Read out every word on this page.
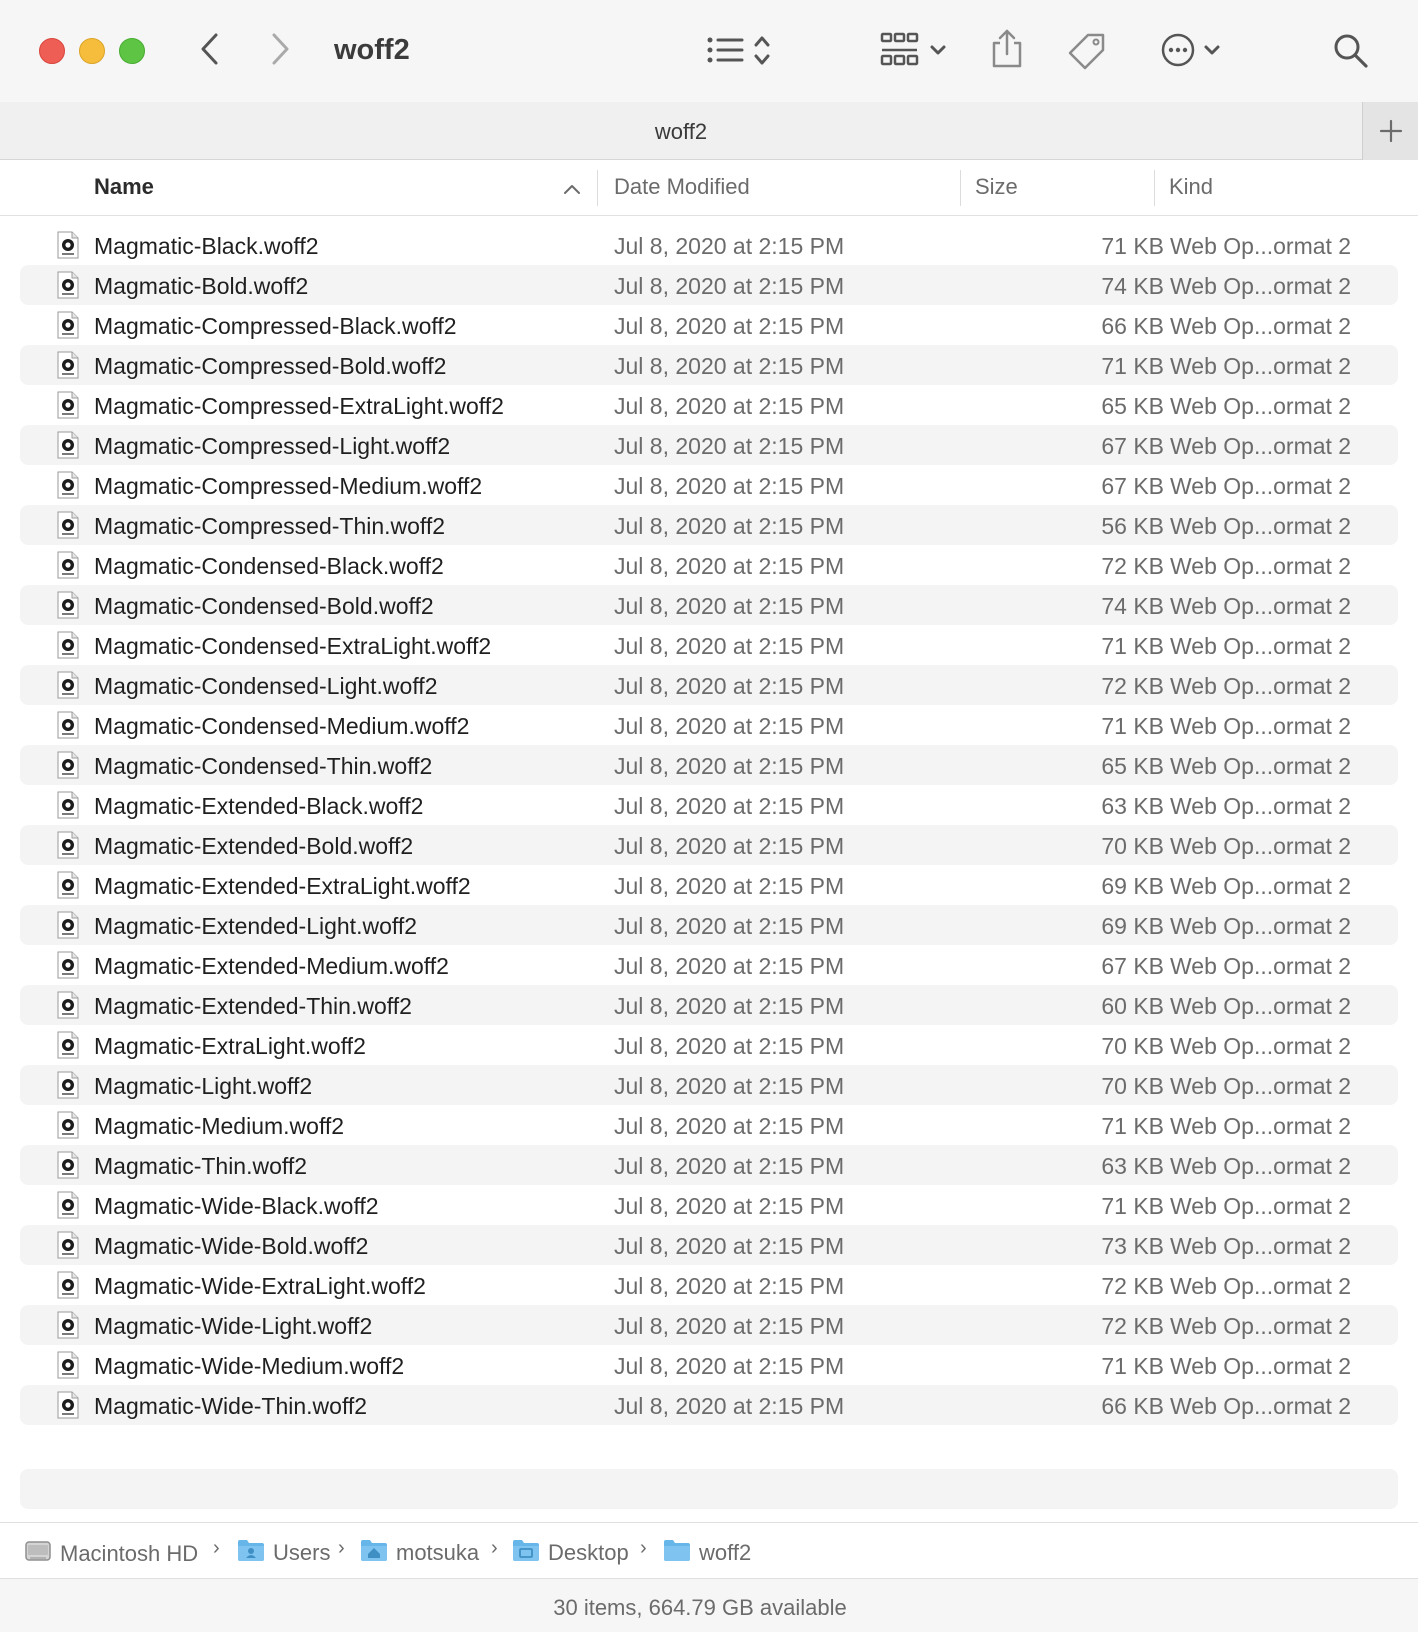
woff2
woff2
Name	Date Modified	Size	Kind
Magmatic-Black.woff2	Jul 8, 2020 at 2:15 PM	71 KB Web Op...ormat 2
Magmatic-Bold.woff2	Jul 8, 2020 at 2:15 PM	74 KB Web Op...ormat 2
Magmatic-Compressed-Black.woff2	Jul 8, 2020 at 2:15 PM	66 KB Web Op...ormat 2
Magmatic-Compressed-Bold.woff2	Jul 8, 2020 at 2:15 PM	71 KB Web Op...ormat 2
Magmatic-Compressed-ExtraLight.woff2	Jul 8, 2020 at 2:15 PM	65 KB Web Op...ormat 2
Magmatic-Compressed-Light.woff2	Jul 8, 2020 at 2:15 PM	67 KB Web Op...ormat 2
Magmatic-Compressed-Medium.woff2	Jul 8, 2020 at 2:15 PM	67 KB Web Op...ormat 2
Magmatic-Compressed-Thin.woff2	Jul 8, 2020 at 2:15 PM	56 KB Web Op...ormat 2
Magmatic-Condensed-Black.woff2	Jul 8, 2020 at 2:15 PM	72 KB Web Op...ormat 2
Magmatic-Condensed-Bold.woff2	Jul 8, 2020 at 2:15 PM	74 KB Web Op...ormat 2
Magmatic-Condensed-ExtraLight.woff2	Jul 8, 2020 at 2:15 PM	71 KB Web Op...ormat 2
Magmatic-Condensed-Light.woff2	Jul 8, 2020 at 2:15 PM	72 KB Web Op...ormat 2
Magmatic-Condensed-Medium.woff2	Jul 8, 2020 at 2:15 PM	71 KB Web Op...ormat 2
Magmatic-Condensed-Thin.woff2	Jul 8, 2020 at 2:15 PM	65 KB Web Op...ormat 2
Magmatic-Extended-Black.woff2	Jul 8, 2020 at 2:15 PM	63 KB Web Op...ormat 2
Magmatic-Extended-Bold.woff2	Jul 8, 2020 at 2:15 PM	70 KB Web Op...ormat 2
Magmatic-Extended-ExtraLight.woff2	Jul 8, 2020 at 2:15 PM	69 KB Web Op...ormat 2
Magmatic-Extended-Light.woff2	Jul 8, 2020 at 2:15 PM	69 KB Web Op...ormat 2
Magmatic-Extended-Medium.woff2	Jul 8, 2020 at 2:15 PM	67 KB Web Op...ormat 2
Magmatic-Extended-Thin.woff2	Jul 8, 2020 at 2:15 PM	60 KB Web Op...ormat 2
Magmatic-ExtraLight.woff2	Jul 8, 2020 at 2:15 PM	70 KB Web Op...ormat 2
Magmatic-Light.woff2	Jul 8, 2020 at 2:15 PM	70 KB Web Op...ormat 2
Magmatic-Medium.woff2	Jul 8, 2020 at 2:15 PM	71 KB Web Op...ormat 2
Magmatic-Thin.woff2	Jul 8, 2020 at 2:15 PM	63 KB Web Op...ormat 2
Magmatic-Wide-Black.woff2	Jul 8, 2020 at 2:15 PM	71 KB Web Op...ormat 2
Magmatic-Wide-Bold.woff2	Jul 8, 2020 at 2:15 PM	73 KB Web Op...ormat 2
Magmatic-Wide-ExtraLight.woff2	Jul 8, 2020 at 2:15 PM	72 KB Web Op...ormat 2
Magmatic-Wide-Light.woff2	Jul 8, 2020 at 2:15 PM	72 KB Web Op...ormat 2
Magmatic-Wide-Medium.woff2	Jul 8, 2020 at 2:15 PM	71 KB Web Op...ormat 2
Magmatic-Wide-Thin.woff2	Jul 8, 2020 at 2:15 PM	66 KB Web Op...ormat 2
Macintosh HD › Users › motsuka › Desktop › woff2
30 items, 664.79 GB available
